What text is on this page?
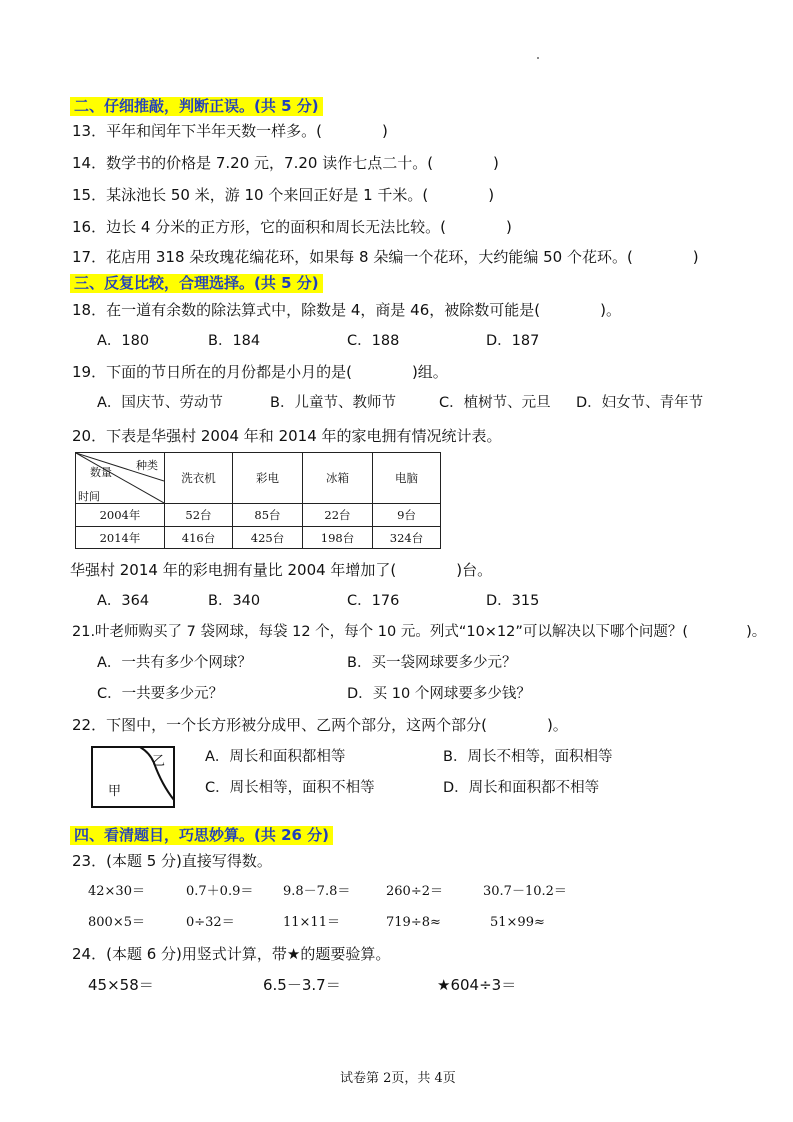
二、仔细推敲，判断正误。(共 5 分)
13．平年和闰年下半年天数一样多。(　　　　)
14．数学书的价格是 7.20 元，7.20 读作七点二十。(　　　　)
15．某泳池长 50 米，游 10 个来回正好是 1 千米。(　　　　)
16．边长 4 分米的正方形，它的面积和周长无法比较。(　　　　)
17．花店用 318 朵玫瑰花编花环，如果每 8 朵编一个花环，大约能编 50 个花环。(　　　　)
三、反复比较，合理选择。(共 5 分)
18．在一道有余数的除法算式中，除数是 4，商是 46，被除数可能是(　　　　)。
A．180	B．184	C．188	D．187
19．下面的节日所在的月份都是小月的是(　　　　)组。
A．国庆节、劳动节	B．儿童节、教师节	C．植树节、元旦 D．妇女节、青年节
20．下表是华强村 2004 年和 2014 年的家电拥有情况统计表。
种类
数量
时间	洗衣机	彩电	冰箱	电脑
2004年	52台	85台	22台	9台
2014年	416台	425台	198台	324台
华强村 2014 年的彩电拥有量比 2004 年增加了(　　　　)台。
A．364	B．340	C．176	D．315
21.叶老师购买了 7 袋网球，每袋 12 个，每个 10 元。列式“10×12”可以解决以下哪个问题？(　　　　)。
A．一共有多少个网球？	B．买一袋网球要多少元？
C．一共要多少元？	D．买 10 个网球要多少钱？
22．下图中，一个长方形被分成甲、乙两个部分，这两个部分(　　　　)。
乙
甲
A．周长和面积都相等	B．周长不相等，面积相等
C．周长相等，面积不相等	D．周长和面积都不相等
四、看清题目，巧思妙算。(共 26 分)
23．(本题 5 分)直接写得数。
42×30＝	0.7＋0.9＝ 9.8－7.8＝	260÷2＝	30.7－10.2＝
800×5＝	0÷32＝	11×11＝	719÷8≈	51×99≈
24．(本题 6 分)用竖式计算，带★的题要验算。
45×58＝	6.5－3.7＝	★604÷3＝
试卷第 2页，共 4页
